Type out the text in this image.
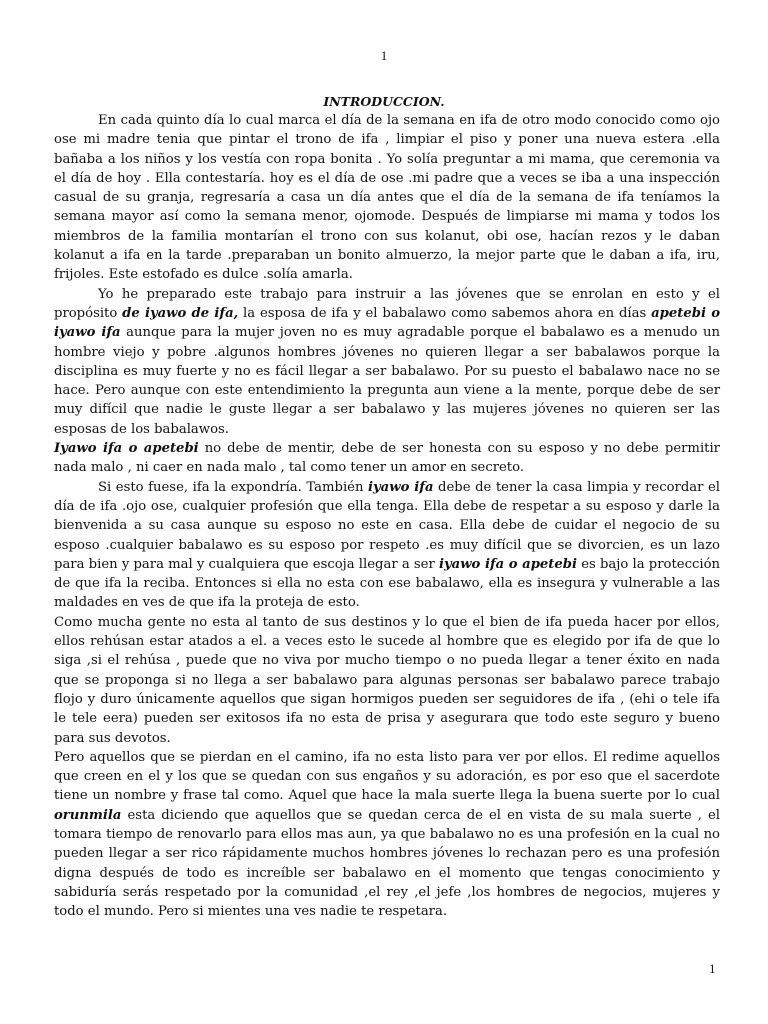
1
INTRODUCCION.

En cada quinto día lo cual marca el día de la semana en ifa de otro modo conocido como ojo ose mi madre tenia que pintar el trono de ifa , limpiar el piso y poner una nueva estera .ella bañaba a los niños y los vestía con ropa bonita . Yo solía preguntar a mi mama, que ceremonia va el día de hoy . Ella contestaría. hoy es el día de ose .mi padre que a veces se iba a una inspección casual de su granja, regresaría a casa un día antes que el día de la semana de ifa teníamos la semana mayor así como la semana menor, ojomode. Después de limpiarse mi mama y todos los miembros de la familia montarían el trono con sus kolanut, obi ose, hacían rezos y le daban kolanut a ifa en la tarde .preparaban un bonito almuerzo, la mejor parte que le daban a ifa, iru, frijoles. Este estofado es dulce .solía amarla.

Yo he preparado este trabajo para instruir a las jóvenes que se enrolan en esto y el propósito de iyawo de ifa, la esposa de ifa y el babalawo como sabemos ahora en días apetebi o iyawo ifa aunque para la mujer joven no es muy agradable porque el babalawo es a menudo un hombre viejo y pobre .algunos hombres jóvenes no quieren llegar a ser babalawos porque la disciplina es muy fuerte y no es fácil llegar a ser babalawo. Por su puesto el babalawo nace no se hace. Pero aunque con este entendimiento la pregunta aun viene a la mente, porque debe de ser muy difícil que nadie le guste llegar a ser babalawo y las mujeres jóvenes no quieren ser las esposas de los babalawos.

Iyawo ifa o apetebi no debe de mentir, debe de ser honesta con su esposo y no debe permitir nada malo , ni caer en nada malo , tal como tener un amor en secreto.

Si esto fuese, ifa la expondría. También iyawo ifa debe de tener la casa limpia y recordar el día de ifa .ojo ose, cualquier profesión que ella tenga. Ella debe de respetar a su esposo y darle la bienvenida a su casa aunque su esposo no este en casa. Ella debe de cuidar el negocio de su esposo .cualquier babalawo es su esposo por respeto .es muy difícil que se divorcien, es un lazo para bien y para mal y cualquiera que escoja llegar a ser iyawo ifa o apetebi es bajo la protección de que ifa la reciba. Entonces si ella no esta con ese babalawo, ella es insegura y vulnerable a las maldades en ves de que ifa la proteja de esto.

Como mucha gente no esta al tanto de sus destinos y lo que el bien de ifa pueda hacer por ellos, ellos rehúsan estar atados a el. a veces esto le sucede al hombre que es elegido por ifa de que lo siga ,si el rehúsa , puede que no viva por mucho tiempo o no pueda llegar a tener éxito en nada que se proponga si no llega a ser babalawo para algunas personas ser babalawo parece trabajo flojo y duro únicamente aquellos que sigan hormigos pueden ser seguidores de ifa , (ehi o tele ifa le tele eera) pueden ser exitosos ifa no esta de prisa y asegurara que todo este seguro y bueno para sus devotos.

Pero aquellos que se pierdan en el camino, ifa no esta listo para ver por ellos. El redime aquellos que creen en el y los que se quedan con sus engaños y su adoración, es por eso que el sacerdote tiene un nombre y frase tal como. Aquel que hace la mala suerte llega la buena suerte por lo cual orunmila esta diciendo que aquellos que se quedan cerca de el en vista de su mala suerte , el tomara tiempo de renovarlo para ellos mas aun, ya que babalawo no es una profesión en la cual no pueden llegar a ser rico rápidamente muchos hombres jóvenes lo rechazan pero es una profesión digna después de todo es increíble ser babalawo en el momento que tengas conocimiento y sabiduría serás respetado por la comunidad ,el rey ,el jefe ,los hombres de negocios, mujeres y todo el mundo. Pero si mientes una ves nadie te respetara.

1
